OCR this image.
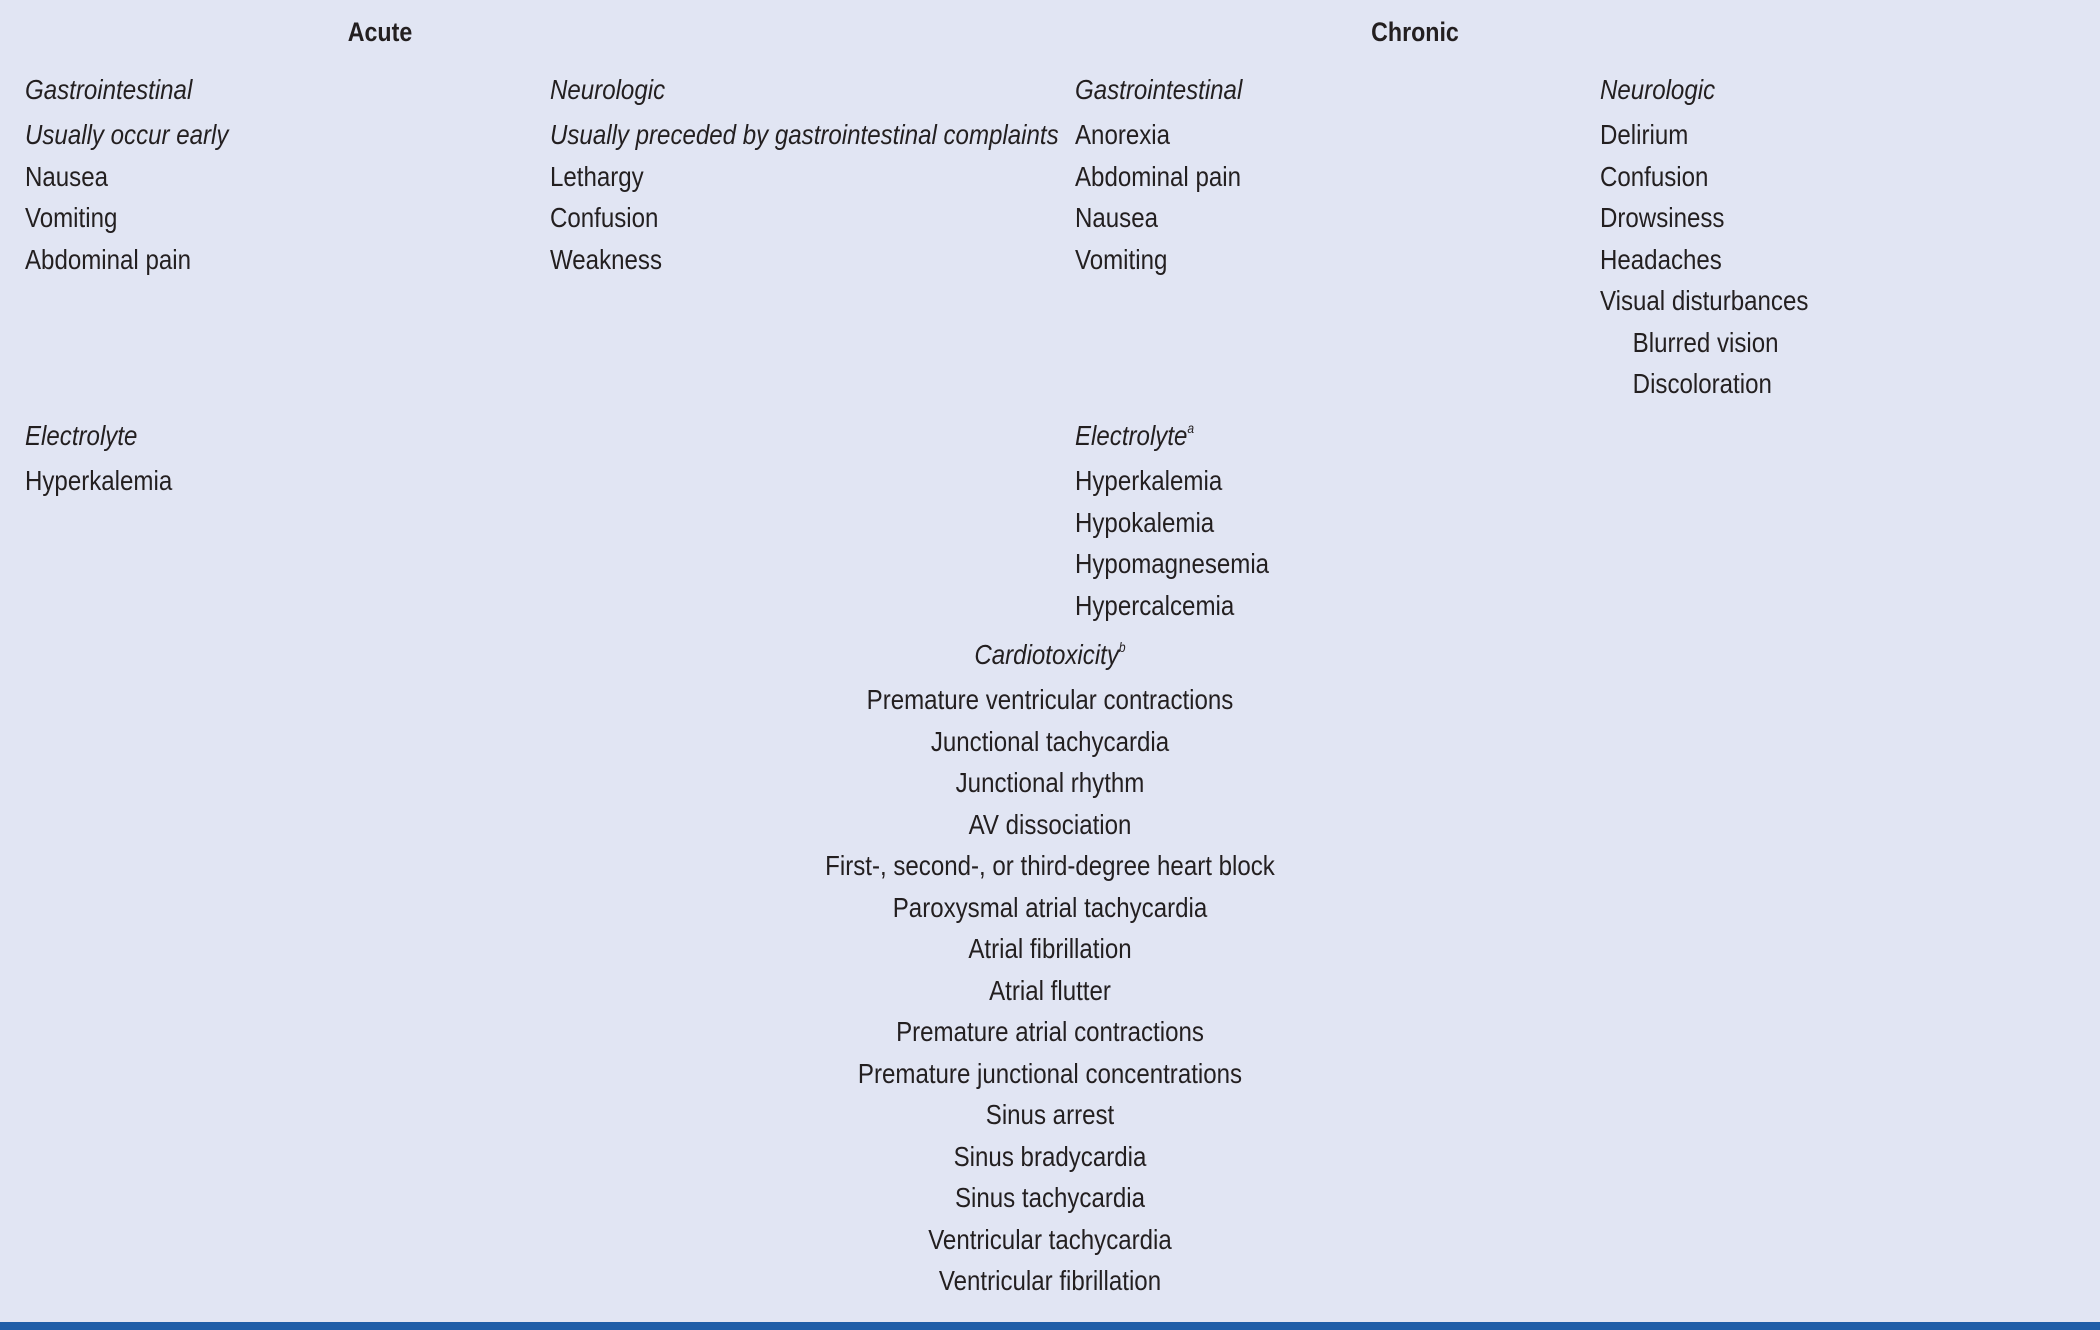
Acute	Chronic
Gastrointestinal
Usually occur early
Nausea
Vomiting
Abdominal pain
Neurologic
Usually preceded by gastrointestinal complaints
Lethargy
Confusion
Weakness
Gastrointestinal
Anorexia
Abdominal pain
Nausea
Vomiting
Neurologic
Delirium
Confusion
Drowsiness
Headaches
Visual disturbances
Blurred vision
Discoloration
Electrolyte
Hyperkalemia
Electrolyte$^a$
Hyperkalemia
Hypokalemia
Hypomagnesemia
Hypercalcemia
Cardiotoxicity$^b$
Premature ventricular contractions
Junctional tachycardia
Junctional rhythm
AV dissociation
First-, second-, or third-degree heart block
Paroxysmal atrial tachycardia
Atrial fibrillation
Atrial flutter
Premature atrial contractions
Premature junctional concentrations
Sinus arrest
Sinus bradycardia
Sinus tachycardia
Ventricular tachycardia
Ventricular fibrillation
